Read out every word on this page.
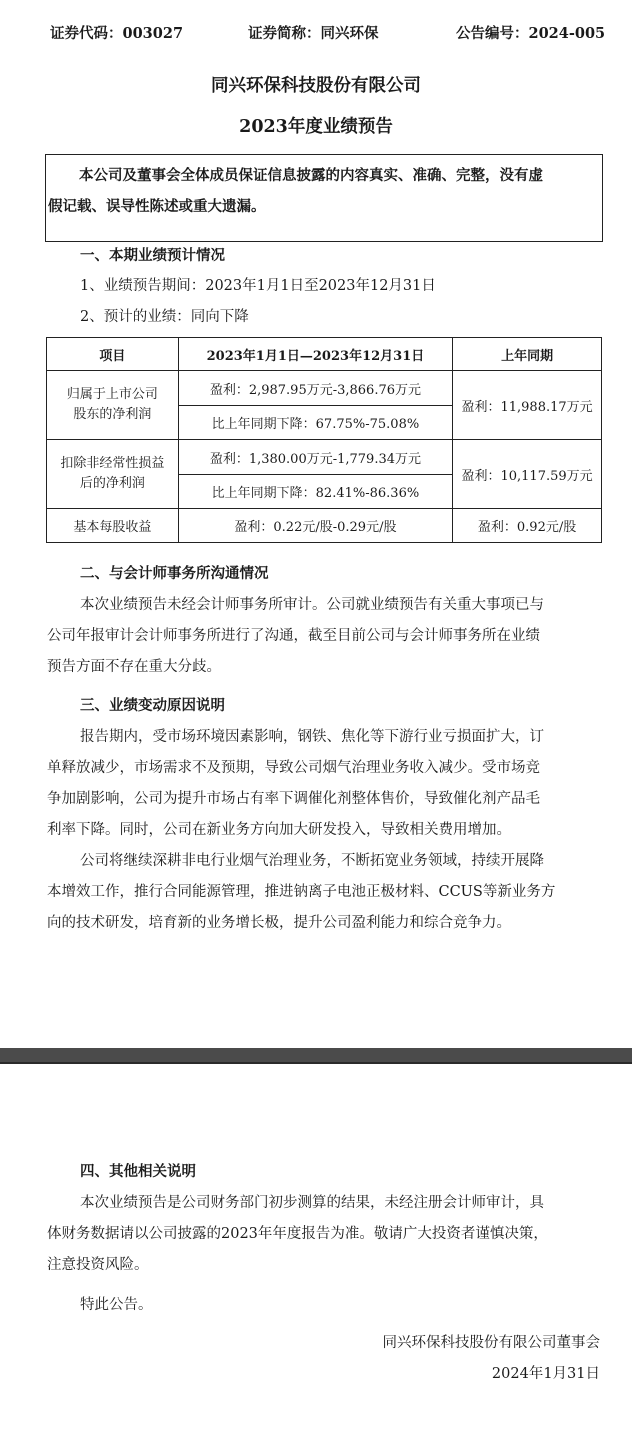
证券代码：003027	证券简称：同兴环保	公告编号：2024-005
同兴环保科技股份有限公司
2023年度业绩预告
本公司及董事会全体成员保证信息披露的内容真实、准确、完整，没有虚
假记载、误导性陈述或重大遗漏。
一、本期业绩预计情况
1、业绩预告期间：2023年1月1日至2023年12月31日
2、预计的业绩：同向下降
项目	2023年1月1日—2023年12月31日	上年同期
归属于上市公司
股东的净利润	盈利：2,987.95万元-3,866.76万元	盈利：11,988.17万元
	比上年同期下降：67.75%-75.08%	
扣除非经常性损益
后的净利润	盈利：1,380.00万元-1,779.34万元	盈利：10,117.59万元
	比上年同期下降：82.41%-86.36%	
基本每股收益	盈利：0.22元/股-0.29元/股	盈利：0.92元/股
二、与会计师事务所沟通情况
本次业绩预告未经会计师事务所审计。公司就业绩预告有关重大事项已与
公司年报审计会计师事务所进行了沟通，截至目前公司与会计师事务所在业绩
预告方面不存在重大分歧。
三、业绩变动原因说明
报告期内，受市场环境因素影响，钢铁、焦化等下游行业亏损面扩大，订
单释放减少，市场需求不及预期，导致公司烟气治理业务收入减少。受市场竞
争加剧影响，公司为提升市场占有率下调催化剂整体售价，导致催化剂产品毛
利率下降。同时，公司在新业务方向加大研发投入，导致相关费用增加。
公司将继续深耕非电行业烟气治理业务，不断拓宽业务领域，持续开展降
本增效工作，推行合同能源管理，推进钠离子电池正极材料、CCUS等新业务方
向的技术研发，培育新的业务增长极，提升公司盈利能力和综合竞争力。
四、其他相关说明
本次业绩预告是公司财务部门初步测算的结果，未经注册会计师审计，具
体财务数据请以公司披露的2023年年度报告为准。敬请广大投资者谨慎决策，
注意投资风险。
特此公告。
同兴环保科技股份有限公司董事会
2024年1月31日
